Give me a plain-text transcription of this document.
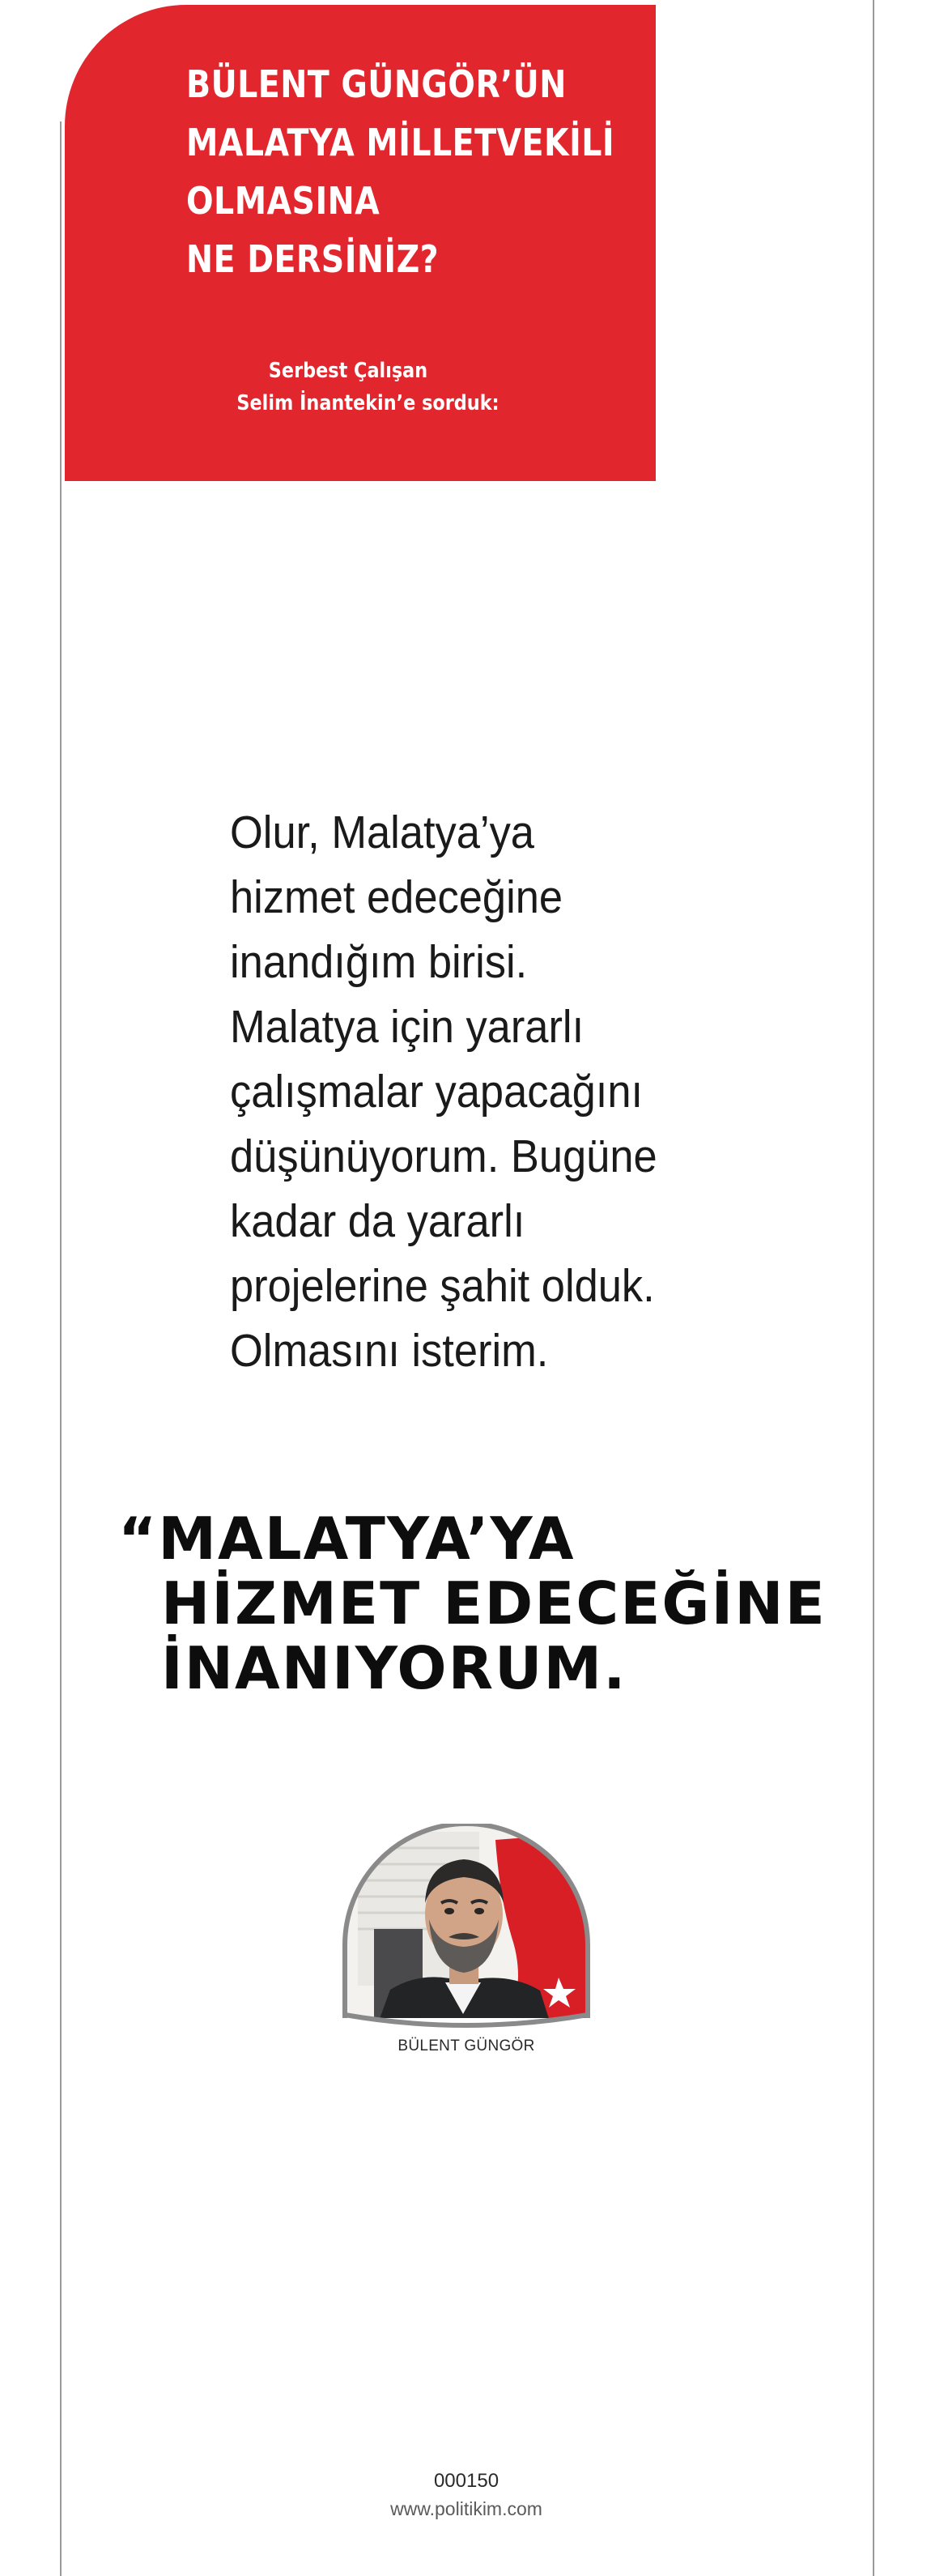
BÜLENT GÜNGÖR’ÜN
MALATYA MİLLETVEKİLİ
OLMASINA
NE DERSİNİZ?
Serbest Çalışan
Selim İnantekin’e sorduk:
Olur, Malatya’ya
hizmet edeceğine
inandığım birisi.
Malatya için yararlı
çalışmalar yapacağını
düşünüyorum. Bugüne
kadar da yararlı
projelerine şahit olduk.
Olmasını isterim.
“MALATYA’YA
HİZMET EDECEĞİNE
İNANIYORUM.
BÜLENT GÜNGÖR
000150
www.politikim.com
